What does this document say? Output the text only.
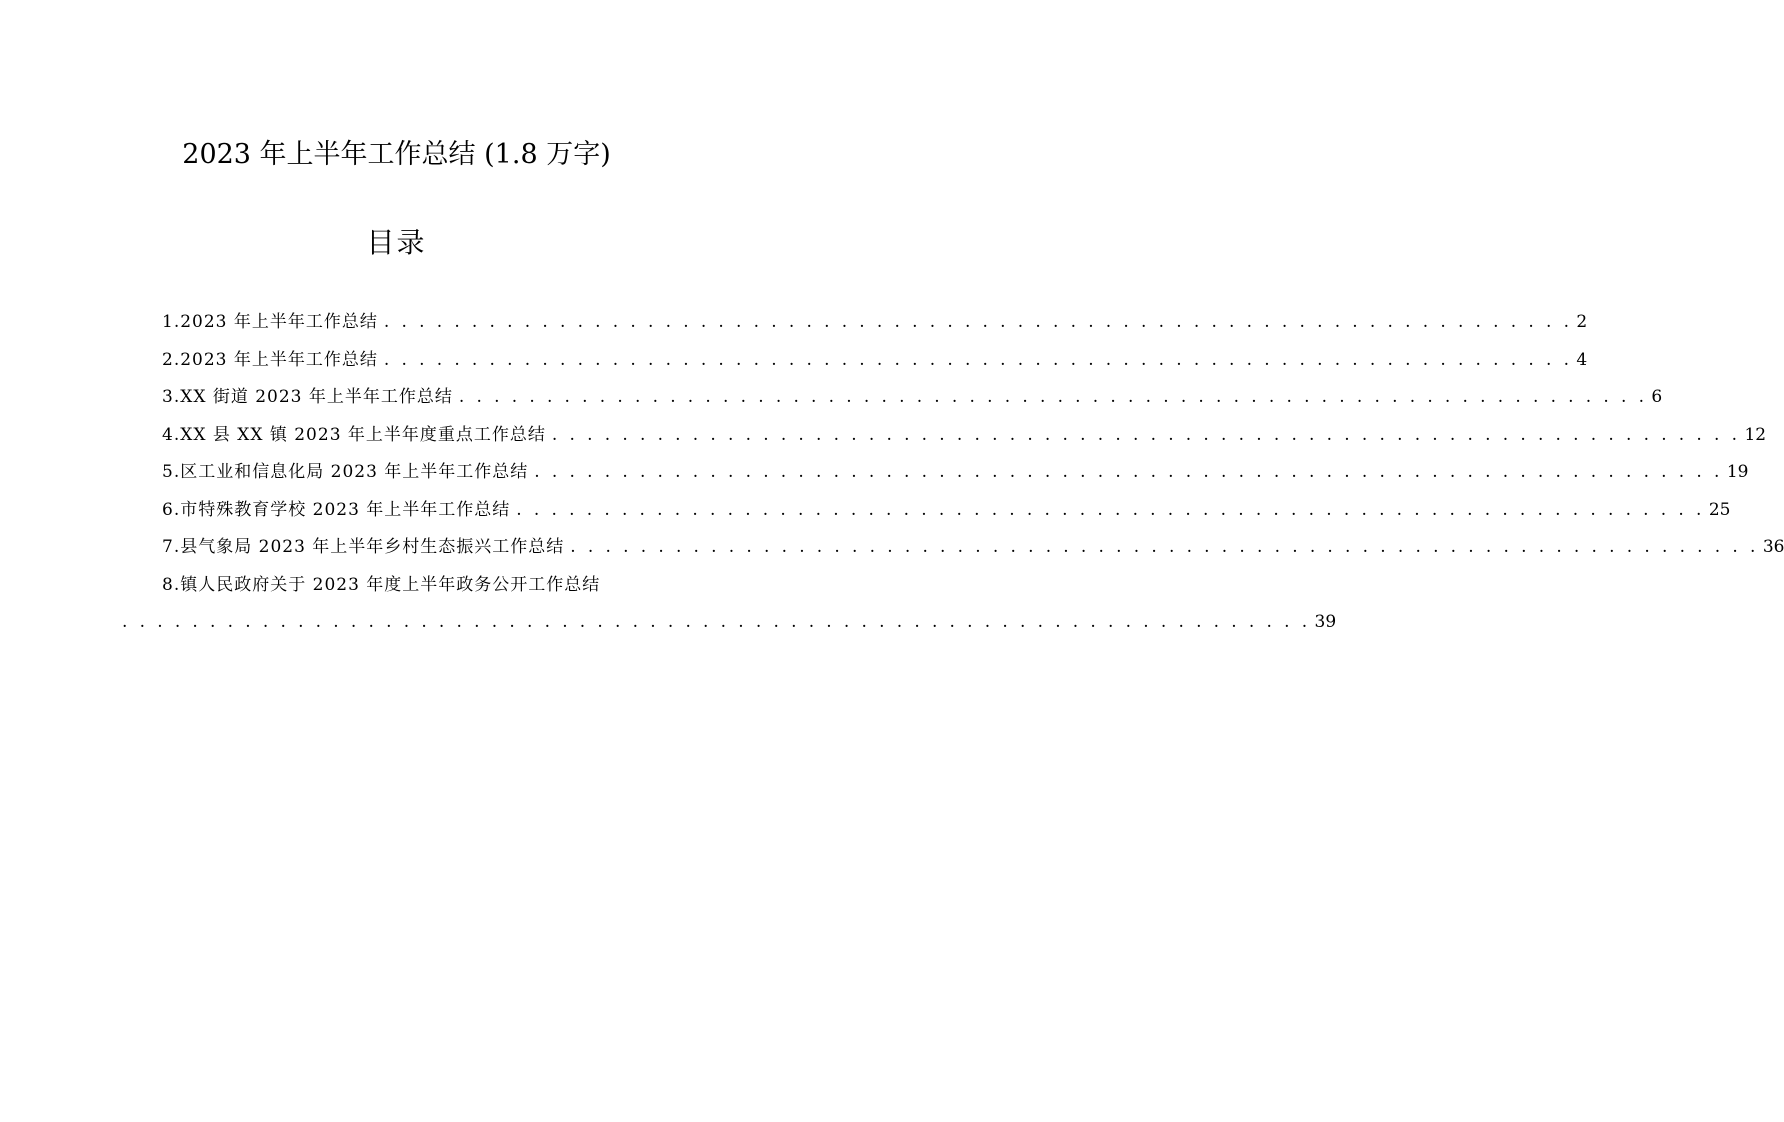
2023 年上半年工作总结 (1.8 万字)
目录
1.2023 年上半年工作总结 . . . . . . . . . . . . . . . . . . . . . . . . . . . . . . . . . . . . . . . . . . . . . . . . . . . . . . . . . . . . . . . . . . . . 2
2.2023 年上半年工作总结 . . . . . . . . . . . . . . . . . . . . . . . . . . . . . . . . . . . . . . . . . . . . . . . . . . . . . . . . . . . . . . . . . . . . 4
3.XX 街道 2023 年上半年工作总结 . . . . . . . . . . . . . . . . . . . . . . . . . . . . . . . . . . . . . . . . . . . . . . . . . . . . . . . . . . . . . . . . . . . . 6
4.XX 县 XX 镇 2023 年上半年度重点工作总结 . . . . . . . . . . . . . . . . . . . . . . . . . . . . . . . . . . . . . . . . . . . . . . . . . . . . . . . . . . . . . . . . . . . . 12
5.区工业和信息化局 2023 年上半年工作总结 . . . . . . . . . . . . . . . . . . . . . . . . . . . . . . . . . . . . . . . . . . . . . . . . . . . . . . . . . . . . . . . . . . . . 19
6.市特殊教育学校 2023 年上半年工作总结 . . . . . . . . . . . . . . . . . . . . . . . . . . . . . . . . . . . . . . . . . . . . . . . . . . . . . . . . . . . . . . . . . . . . 25
7.县气象局 2023 年上半年乡村生态振兴工作总结 . . . . . . . . . . . . . . . . . . . . . . . . . . . . . . . . . . . . . . . . . . . . . . . . . . . . . . . . . . . . . . . . . . . . 36
8.镇人民政府关于 2023 年度上半年政务公开工作总结
. . . . . . . . . . . . . . . . . . . . . . . . . . . . . . . . . . . . . . . . . . . . . . . . . . . . . . . . . . . . . . . . . . . . 39
